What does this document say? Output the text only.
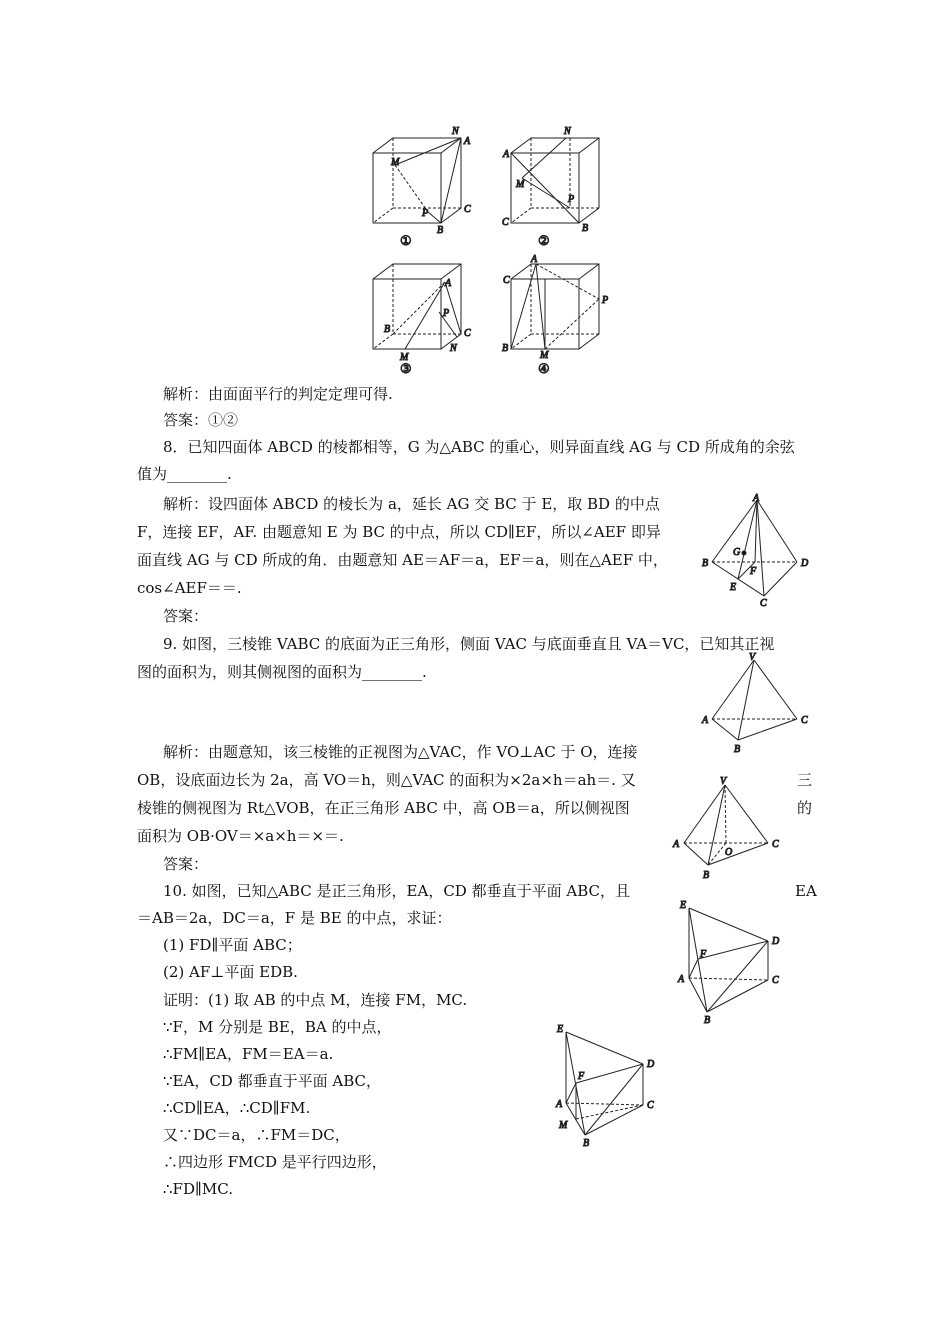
N
A
M
P	C
B
①
N
A
M
P
C
B
②
A
P
C
B
M
N
③
A
C
P
B
M
④
解析：由面面平行的判定定理可得.
答案：①②
8．已知四面体 ABCD 的棱都相等，G 为△ABC 的重心，则异面直线 AG 与 CD 所成角的余弦
值为________.
解析：设四面体 ABCD 的棱长为 a，延长 AG 交 BC 于 E，取 BD 的中点
F，连接 EF，AF. 由题意知 E 为 BC 的中点，所以 CD∥EF，所以∠AEF 即异
面直线 AG 与 CD 所成的角．由题意知 AE＝AF＝a，EF＝a，则在△AEF 中，
cos∠AEF＝＝.
答案：
A
G
F
D
B
E
C
9. 如图，三棱锥 VABC 的底面为正三角形，侧面 VAC 与底面垂直且 VA＝VC，已知其正视
图的面积为，则其侧视图的面积为________.
V
A	C
B
解析：由题意知，该三棱锥的正视图为△VAC，作 VO⊥AC 于 O，连接
OB，设底面边长为 2a，高 VO＝h，则△VAC 的面积为×2a×h＝ah＝. 又	三
棱锥的侧视图为 Rt△VOB，在正三角形 ABC 中，高 OB＝a，所以侧视图	的
面积为 OB·OV＝×a×h＝×＝.
答案：
V
A
O
C
B
10. 如图，已知△ABC 是正三角形，EA，CD 都垂直于平面 ABC，且	EA
＝AB＝2a，DC＝a，F 是 BE 的中点，求证：
(1) FD∥平面 ABC；
(2) AF⊥平面 EDB.
E
D
F
A	C
B
证明：(1) 取 AB 的中点 M，连接 FM，MC.
∵F，M 分别是 BE，BA 的中点，
∴FM∥EA，FM＝EA＝a.
∵EA，CD 都垂直于平面 ABC，
∴CD∥EA，∴CD∥FM.
又∵DC＝a，∴FM＝DC，
∴四边形 FMCD 是平行四边形，
∴FD∥MC.
E
D
F
A	C
M
B
